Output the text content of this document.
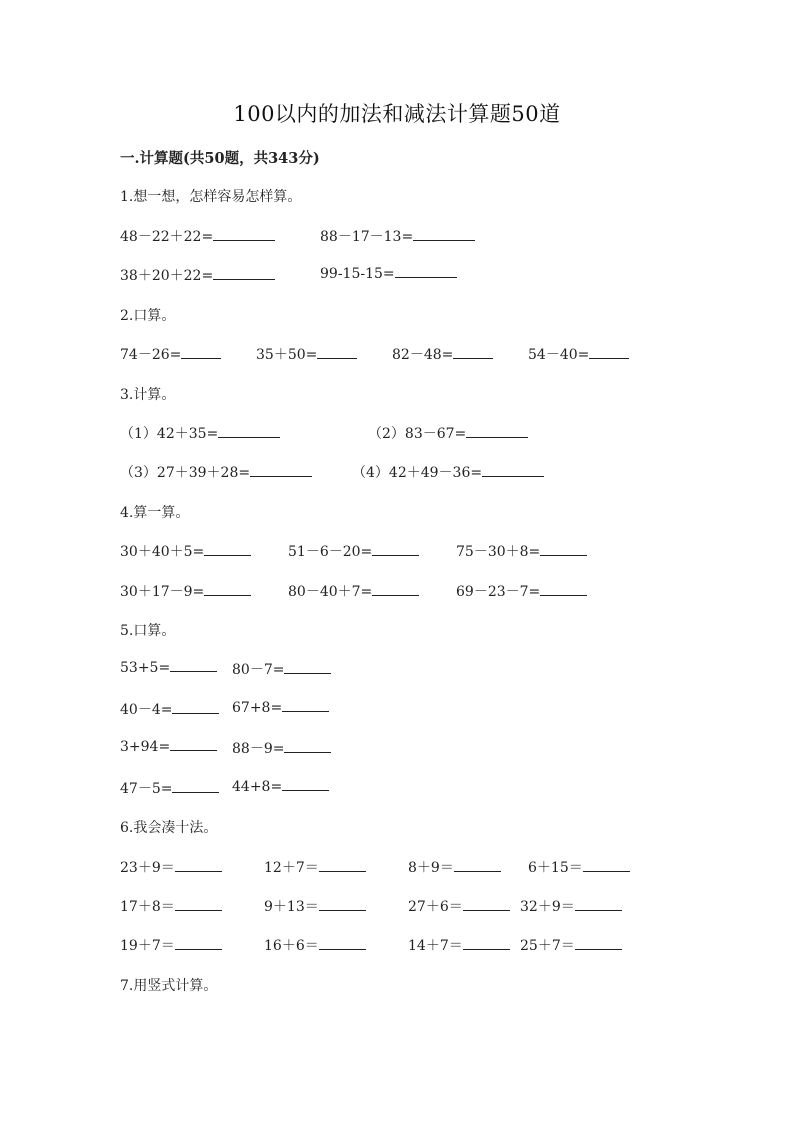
100以内的加法和减法计算题50道
一.计算题(共50题，共343分)
1.想一想，怎样容易怎样算。
48－22＋22=	88－17－13=
38＋20＋22=	99-15-15=
2.口算。
74－26=	35＋50=	82－48=	54－40=
3.计算。
（1）42＋35=	（2）83－67=
（3）27＋39＋28=	（4）42＋49－36=
4.算一算。
30＋40＋5=	51－6－20=	75－30＋8=
30＋17－9=	80－40＋7=	69－23－7=
5.口算。
53+5=	80－7=
40－4=	67+8=
3+94=	88－9=
47－5=	44+8=
6.我会凑十法。
23＋9＝	12＋7＝	8＋9＝	6＋15＝
17＋8＝	9＋13＝	27＋6＝	32＋9＝
19＋7＝	16＋6＝	14＋7＝	25＋7＝
7.用竖式计算。
